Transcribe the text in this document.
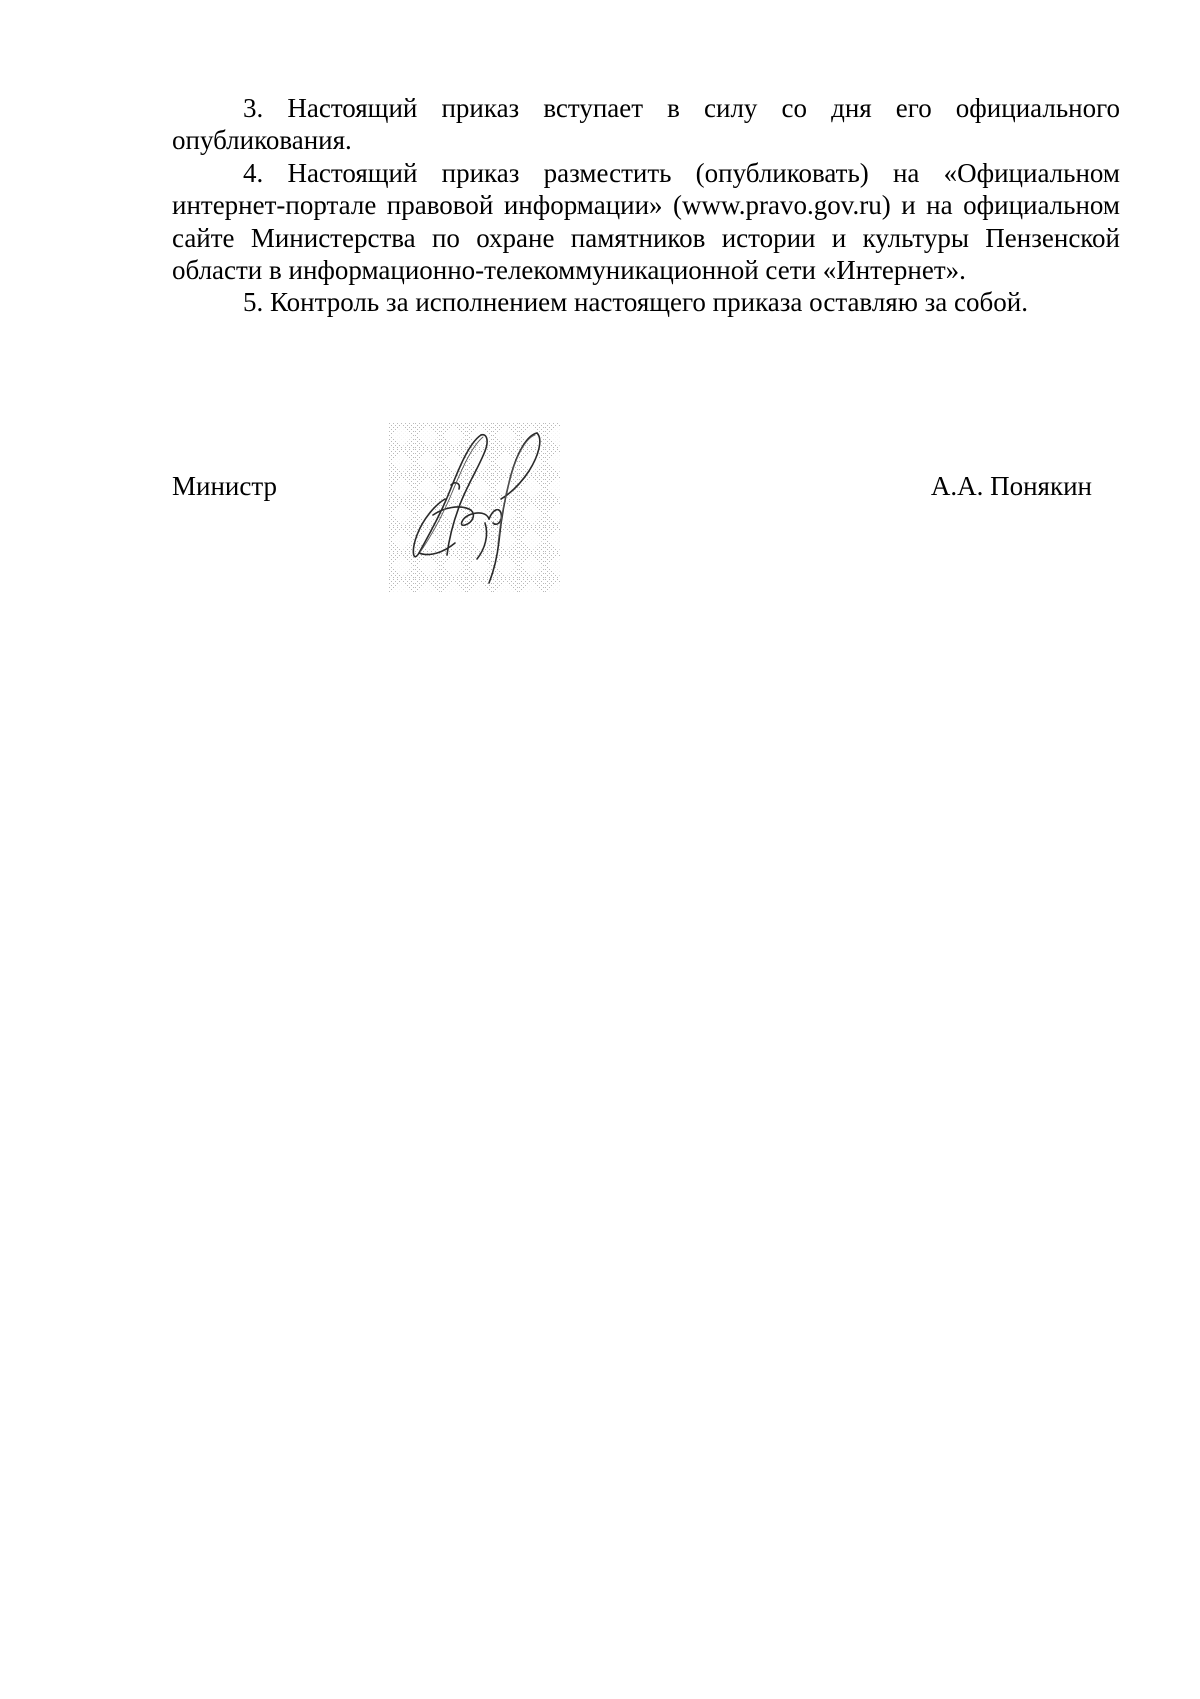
3. Настоящий приказ вступает в силу со дня его официального опубликования.

4. Настоящий приказ разместить (опубликовать) на «Официальном интернет-портале правовой информации» (www.pravo.gov.ru) и на официальном сайте Министерства по охране памятников истории и культуры Пензенской области в информационно-телекоммуникационной сети «Интернет».

5. Контроль за исполнением настоящего приказа оставляю за собой.

Министр	А.А. Понякин
